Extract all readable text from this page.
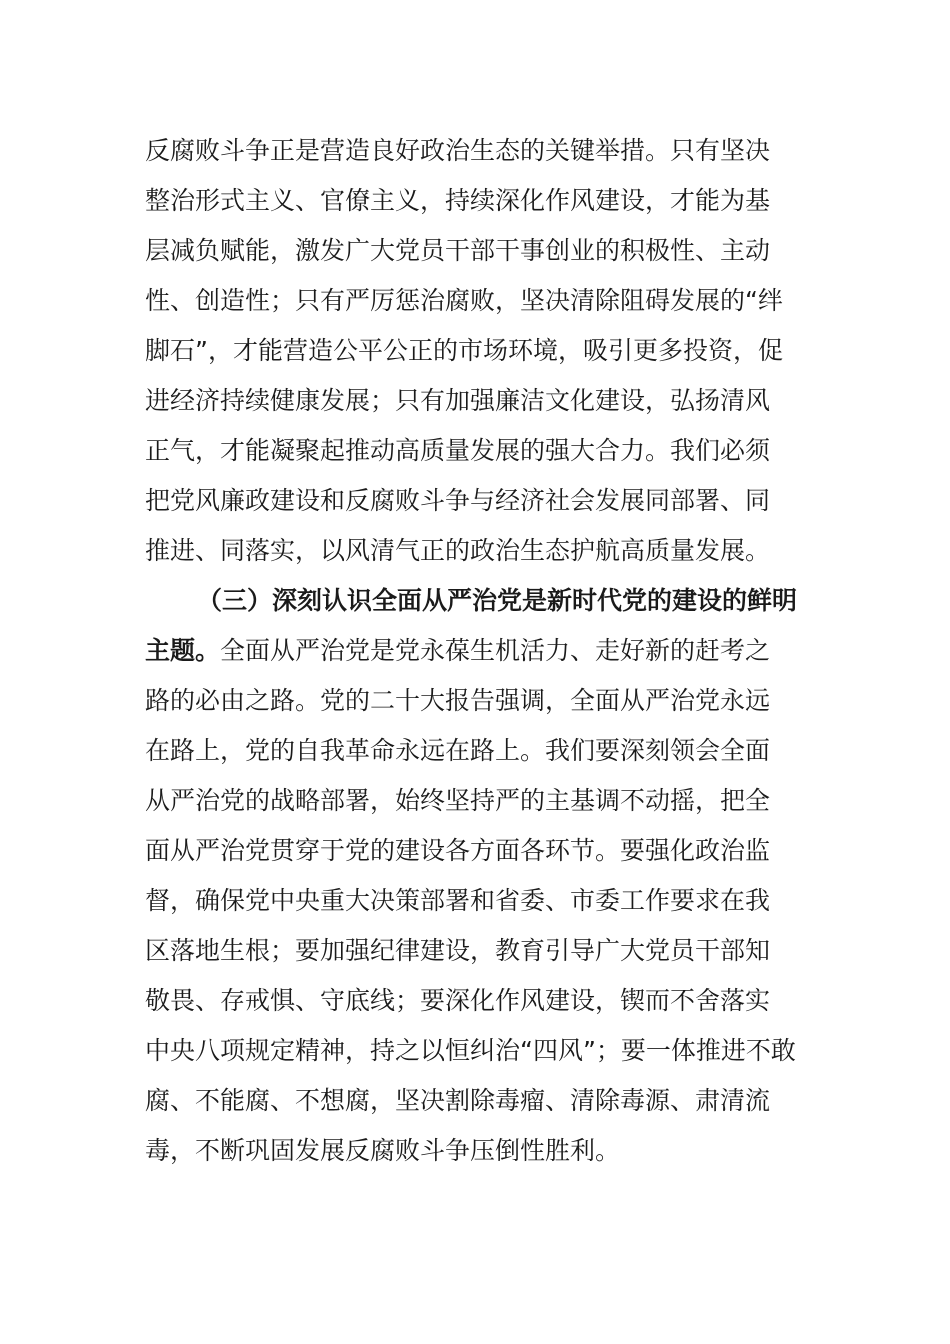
反腐败斗争正是营造良好政治生态的关键举措。只有坚决
整治形式主义、官僚主义，持续深化作风建设，才能为基
层减负赋能，激发广大党员干部干事创业的积极性、主动
性、创造性；只有严厉惩治腐败，坚决清除阻碍发展的“绊
脚石”，才能营造公平公正的市场环境，吸引更多投资，促
进经济持续健康发展；只有加强廉洁文化建设，弘扬清风
正气，才能凝聚起推动高质量发展的强大合力。我们必须
把党风廉政建设和反腐败斗争与经济社会发展同部署、同
推进、同落实，以风清气正的政治生态护航高质量发展。
（三）深刻认识全面从严治党是新时代党的建设的鲜明
主题。全面从严治党是党永葆生机活力、走好新的赶考之
路的必由之路。党的二十大报告强调，全面从严治党永远
在路上，党的自我革命永远在路上。我们要深刻领会全面
从严治党的战略部署，始终坚持严的主基调不动摇，把全
面从严治党贯穿于党的建设各方面各环节。要强化政治监
督，确保党中央重大决策部署和省委、市委工作要求在我
区落地生根；要加强纪律建设，教育引导广大党员干部知
敬畏、存戒惧、守底线；要深化作风建设，锲而不舍落实
中央八项规定精神，持之以恒纠治“四风”；要一体推进不敢
腐、不能腐、不想腐，坚决割除毒瘤、清除毒源、肃清流
毒，不断巩固发展反腐败斗争压倒性胜利。
